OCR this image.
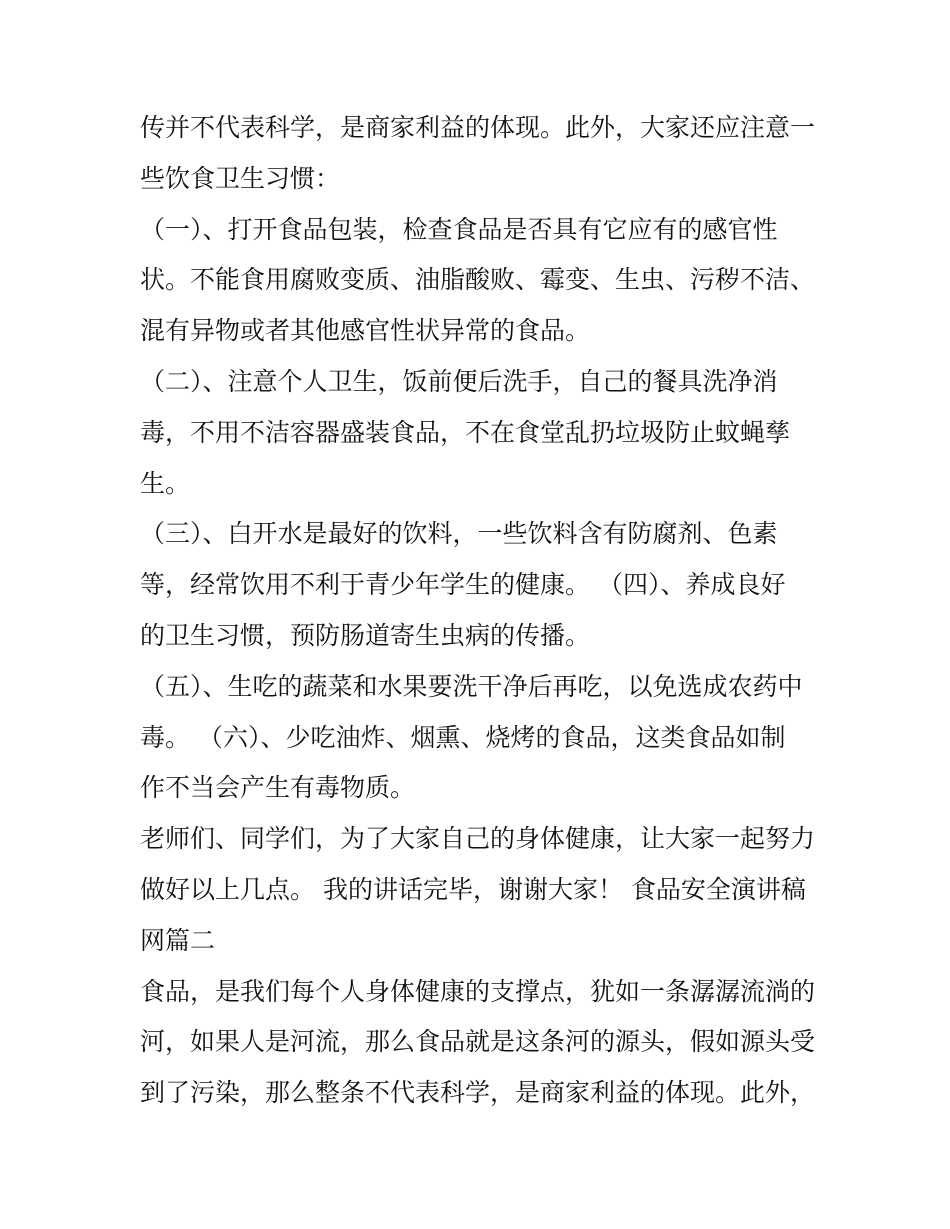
传并不代表科学，是商家利益的体现。此外，大家还应注意一
些饮食卫生习惯：
（一）、打开食品包装，检查食品是否具有它应有的感官性
状。不能食用腐败变质、油脂酸败、霉变、生虫、污秽不洁、
混有异物或者其他感官性状异常的食品。
（二）、注意个人卫生，饭前便后洗手，自己的餐具洗净消
毒，不用不洁容器盛装食品，不在食堂乱扔垃圾防止蚊蝇孳
生。
（三）、白开水是最好的饮料，一些饮料含有防腐剂、色素
等，经常饮用不利于青少年学生的健康。 （四）、养成良好
的卫生习惯，预防肠道寄生虫病的传播。
（五）、生吃的蔬菜和水果要洗干净后再吃，以免选成农药中
毒。 （六）、少吃油炸、烟熏、烧烤的食品，这类食品如制
作不当会产生有毒物质。
老师们、同学们，为了大家自己的身体健康，让大家一起努力
做好以上几点。 我的讲话完毕，谢谢大家！ 食品安全演讲稿
网篇二
食品，是我们每个人身体健康的支撑点，犹如一条潺潺流淌的
河，如果人是河流，那么食品就是这条河的源头，假如源头受
到了污染，那么整条不代表科学，是商家利益的体现。此外，
